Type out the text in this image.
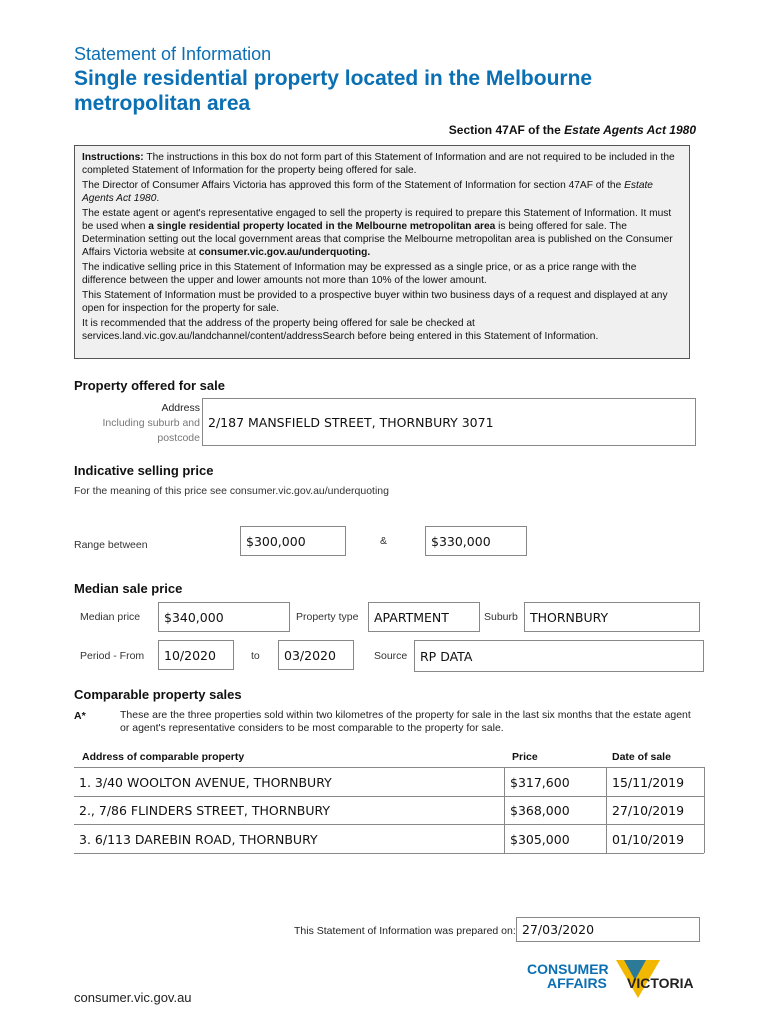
Statement of Information
Single residential property located in the Melbourne metropolitan area
Section 47AF of the Estate Agents Act 1980

Instructions: The instructions in this box do not form part of this Statement of Information and are not required to be included in the completed Statement of Information for the property being offered for sale.

The Director of Consumer Affairs Victoria has approved this form of the Statement of Information for section 47AF of the Estate Agents Act 1980.

The estate agent or agent's representative engaged to sell the property is required to prepare this Statement of Information. It must be used when a single residential property located in the Melbourne metropolitan area is being offered for sale. The Determination setting out the local government areas that comprise the Melbourne metropolitan area is published on the Consumer Affairs Victoria website at consumer.vic.gov.au/underquoting.

The indicative selling price in this Statement of Information may be expressed as a single price, or as a price range with the difference between the upper and lower amounts not more than 10% of the lower amount.

This Statement of Information must be provided to a prospective buyer within two business days of a request and displayed at any open for inspection for the property for sale.

It is recommended that the address of the property being offered for sale be checked at services.land.vic.gov.au/landchannel/content/addressSearch before being entered in this Statement of Information.

Property offered for sale
Address
Including suburb and
postcode
2/187 MANSFIELD STREET, THORNBURY 3071
Indicative selling price
For the meaning of this price see consumer.vic.gov.au/underquoting
Range between	$300,000	&	$330,000
Median sale price
Median price	$340,000	Property type	APARTMENT	Suburb THORNBURY
Period - From	10/2020	to	03/2020	Source	RP DATA
Comparable property sales
A*	These are the three properties sold within two kilometres of the property for sale in the last six months that the estate agent or agent's representative considers to be most comparable to the property for sale.
Address of comparable property	Price	Date of sale
1. 3/40 WOOLTON AVENUE, THORNBURY	$317,600	15/11/2019
2., 7/86 FLINDERS STREET, THORNBURY	$368,000	27/10/2019
3. 6/113 DAREBIN ROAD, THORNBURY	$305,000	01/10/2019
This Statement of Information was prepared on: 27/03/2020
CONSUMER
AFFAIRS VICTORIA
consumer.vic.gov.au
